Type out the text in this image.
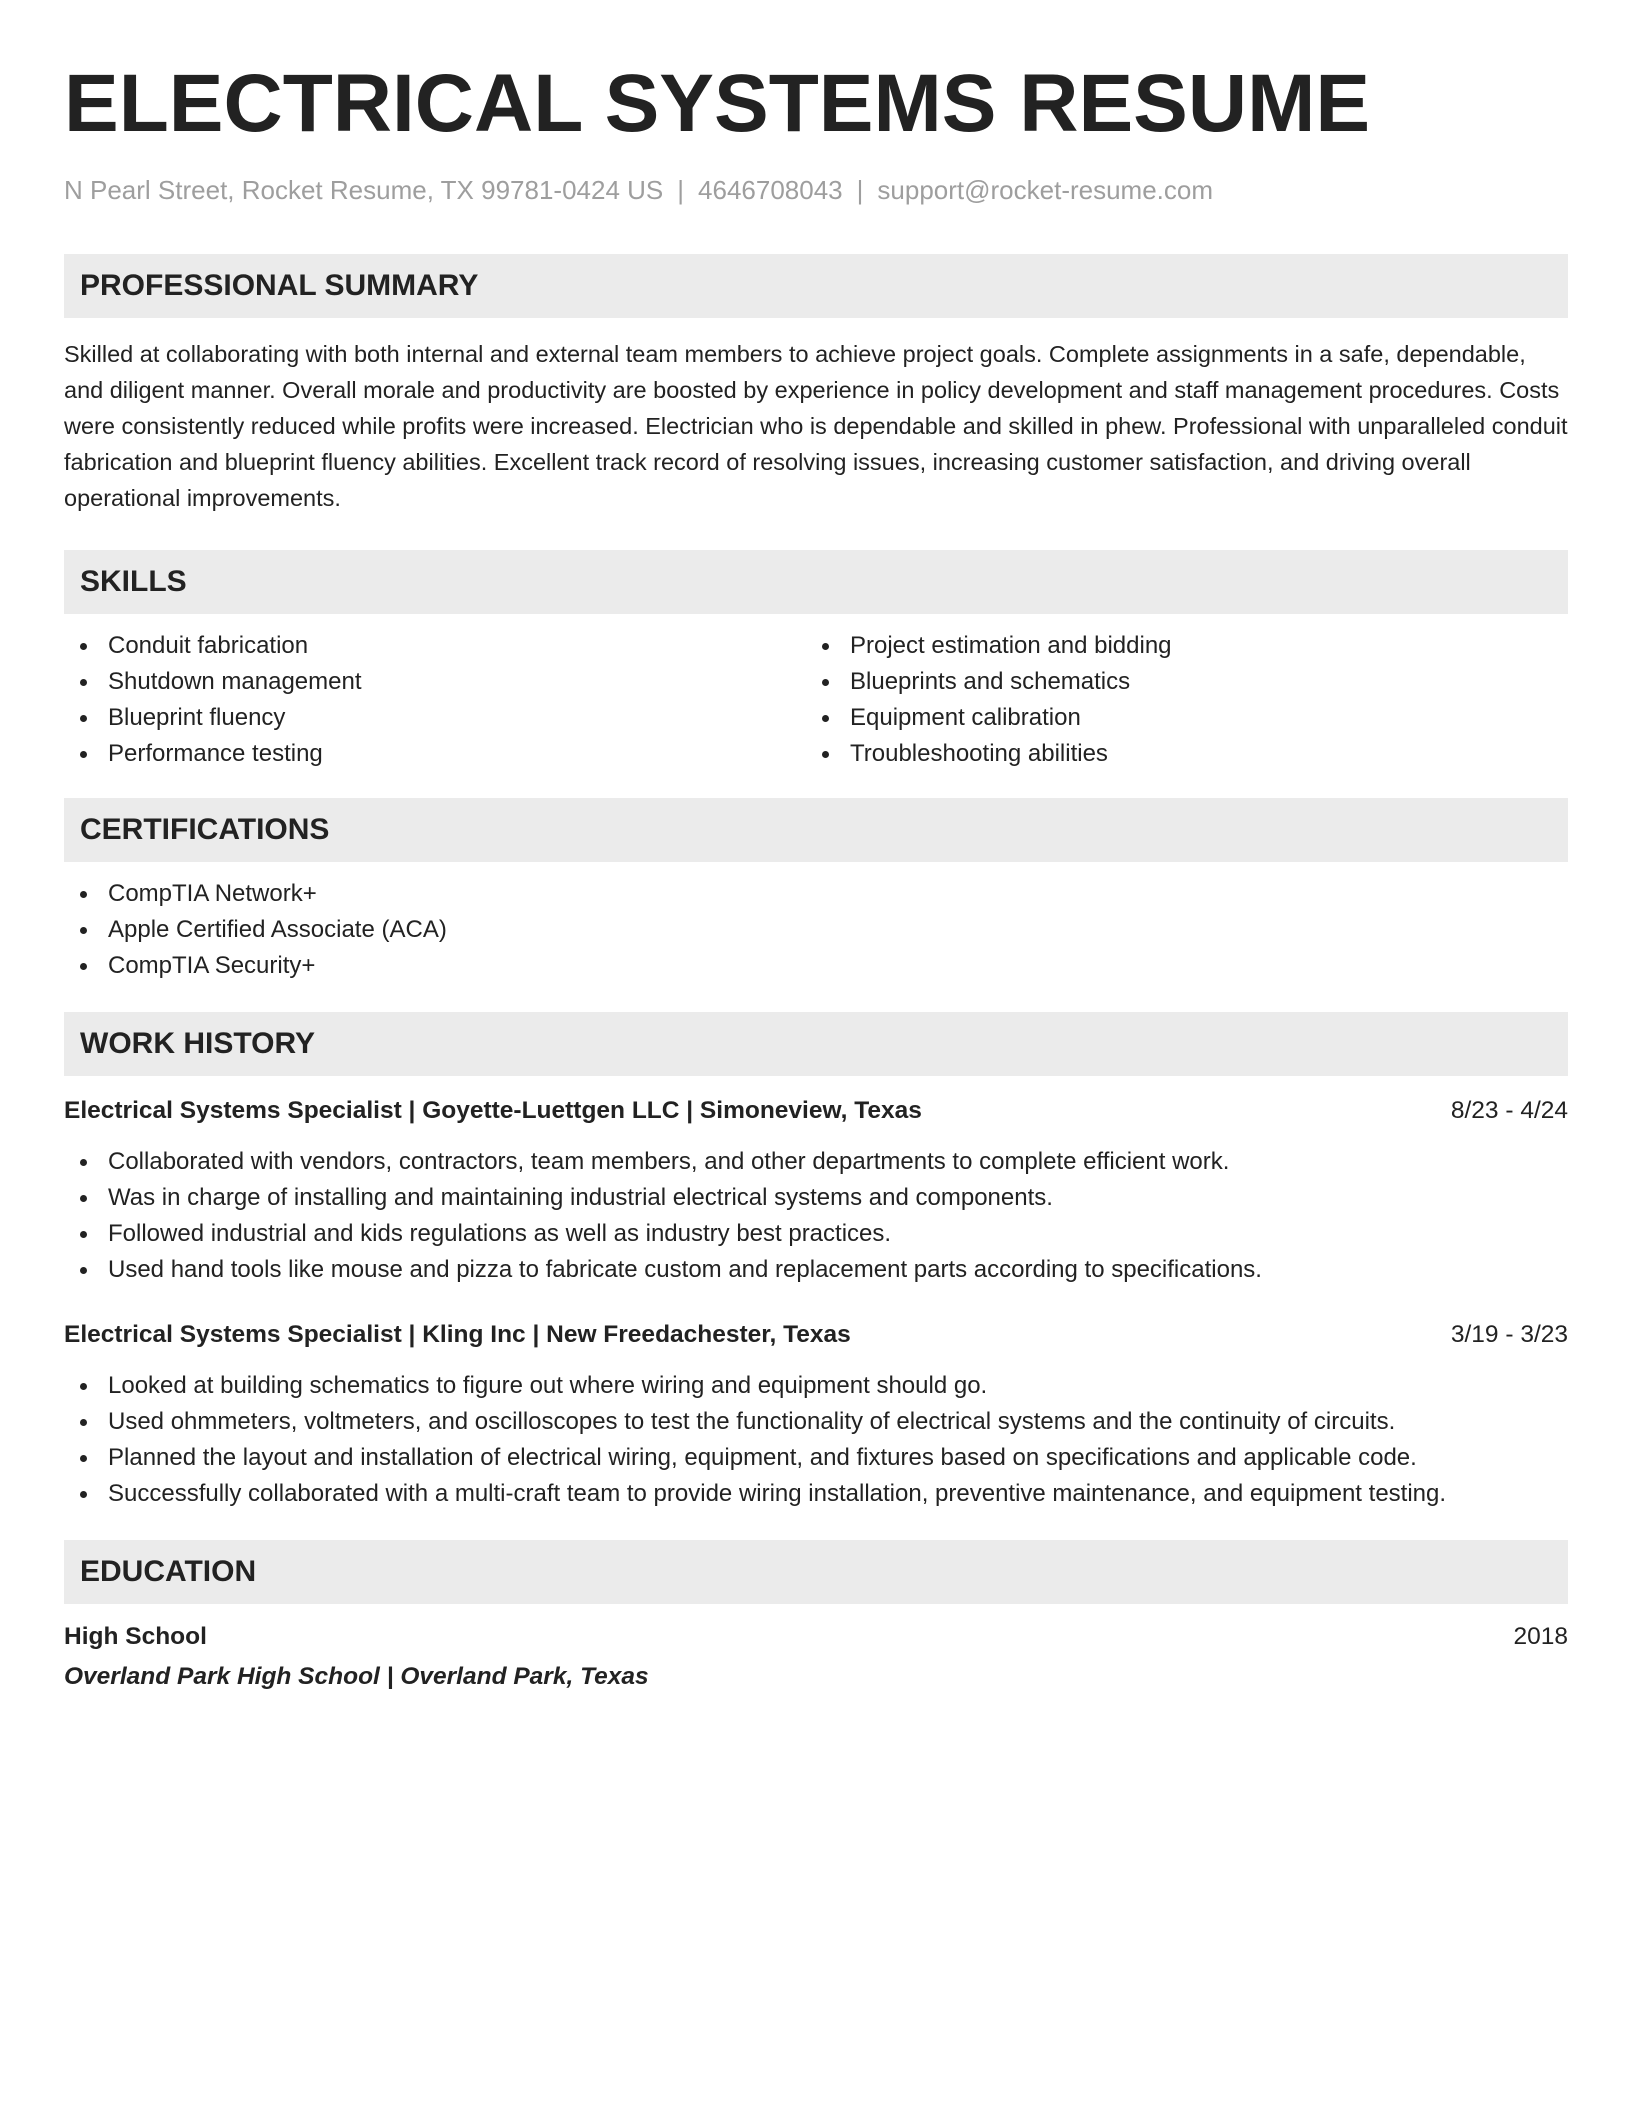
ELECTRICAL SYSTEMS RESUME
N Pearl Street, Rocket Resume, TX 99781-0424 US | 4646708043 | support@rocket-resume.com
PROFESSIONAL SUMMARY

Skilled at collaborating with both internal and external team members to achieve project goals. Complete assignments in a safe, dependable, and diligent manner. Overall morale and productivity are boosted by experience in policy development and staff management procedures. Costs were consistently reduced while profits were increased. Electrician who is dependable and skilled in phew. Professional with unparalleled conduit fabrication and blueprint fluency abilities. Excellent track record of resolving issues, increasing customer satisfaction, and driving overall operational improvements.

SKILLS
Conduit fabrication
Shutdown management
Blueprint fluency
Performance testing
Project estimation and bidding
Blueprints and schematics
Equipment calibration
Troubleshooting abilities
CERTIFICATIONS
CompTIA Network+
Apple Certified Associate (ACA)
CompTIA Security+
WORK HISTORY
Electrical Systems Specialist | Goyette-Luettgen LLC | Simoneview, Texas	8/23 - 4/24
Collaborated with vendors, contractors, team members, and other departments to complete efficient work.
Was in charge of installing and maintaining industrial electrical systems and components.
Followed industrial and kids regulations as well as industry best practices.
Used hand tools like mouse and pizza to fabricate custom and replacement parts according to specifications.
Electrical Systems Specialist | Kling Inc | New Freedachester, Texas	3/19 - 3/23
Looked at building schematics to figure out where wiring and equipment should go.
Used ohmmeters, voltmeters, and oscilloscopes to test the functionality of electrical systems and the continuity of circuits.
Planned the layout and installation of electrical wiring, equipment, and fixtures based on specifications and applicable code.
Successfully collaborated with a multi-craft team to provide wiring installation, preventive maintenance, and equipment testing.
EDUCATION
High School	2018
Overland Park High School | Overland Park, Texas
